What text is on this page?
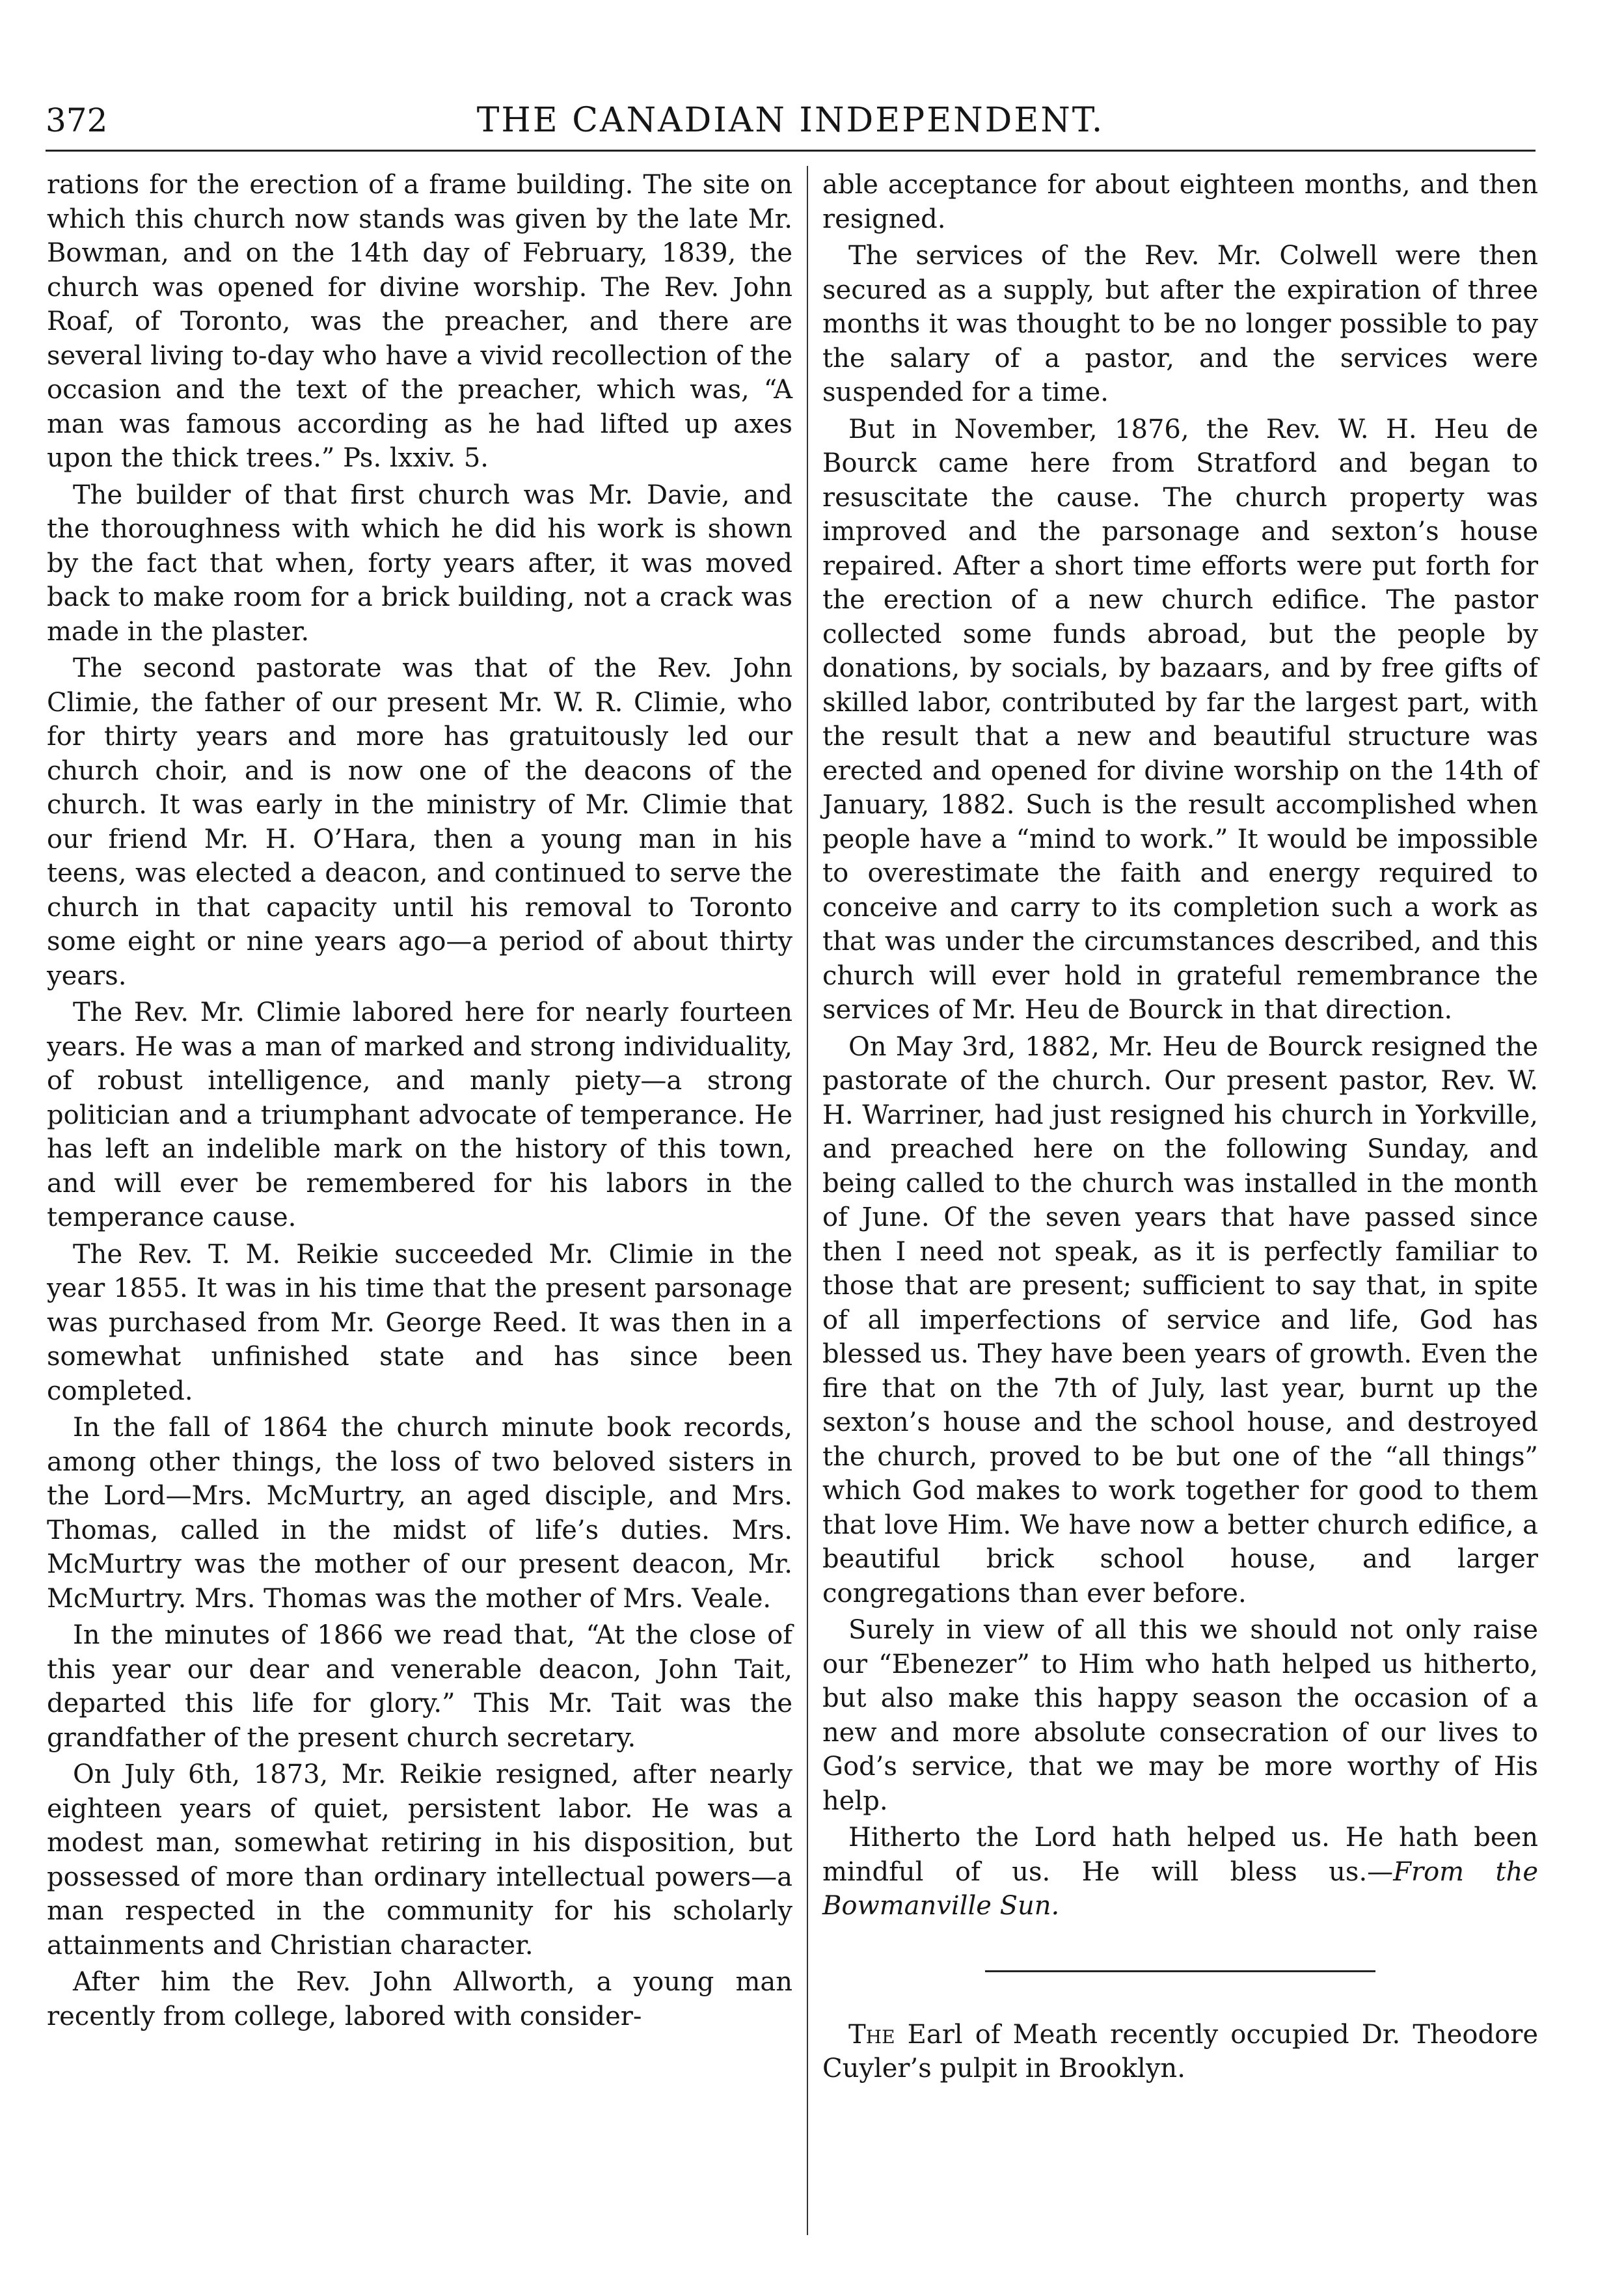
372	THE CANADIAN INDEPENDENT.

rations for the erection of a frame building. The site on which this church now stands was given by the late Mr. Bowman, and on the 14th day of February, 1839, the church was opened for divine worship. The Rev. John Roaf, of Toronto, was the preacher, and there are several living to-day who have a vivid recollection of the occasion and the text of the preacher, which was, “A man was famous according as he had lifted up axes upon the thick trees.” Ps. lxxiv. 5.

The builder of that first church was Mr. Davie, and the thoroughness with which he did his work is shown by the fact that when, forty years after, it was moved back to make room for a brick building, not a crack was made in the plaster.

The second pastorate was that of the Rev. John Climie, the father of our present Mr. W. R. Climie, who for thirty years and more has gratuitously led our church choir, and is now one of the deacons of the church. It was early in the ministry of Mr. Climie that our friend Mr. H. O’Hara, then a young man in his teens, was elected a deacon, and continued to serve the church in that capacity until his removal to Toronto some eight or nine years ago—a period of about thirty years.

The Rev. Mr. Climie labored here for nearly fourteen years. He was a man of marked and strong individuality, of robust intelligence, and manly piety—a strong politician and a triumphant advocate of temperance. He has left an indelible mark on the history of this town, and will ever be remembered for his labors in the temperance cause.

The Rev. T. M. Reikie succeeded Mr. Climie in the year 1855. It was in his time that the present parsonage was purchased from Mr. George Reed. It was then in a somewhat unfinished state and has since been completed.

In the fall of 1864 the church minute book records, among other things, the loss of two beloved sisters in the Lord—Mrs. McMurtry, an aged disciple, and Mrs. Thomas, called in the midst of life’s duties. Mrs. McMurtry was the mother of our present deacon, Mr. McMurtry. Mrs. Thomas was the mother of Mrs. Veale.

In the minutes of 1866 we read that, “At the close of this year our dear and venerable deacon, John Tait, departed this life for glory.” This Mr. Tait was the grandfather of the present church secretary.

On July 6th, 1873, Mr. Reikie resigned, after nearly eighteen years of quiet, persistent labor. He was a modest man, somewhat retiring in his disposition, but possessed of more than ordinary intellectual powers—a man respected in the community for his scholarly attainments and Christian character.

After him the Rev. John Allworth, a young man recently from college, labored with consider-

able acceptance for about eighteen months, and then resigned.

The services of the Rev. Mr. Colwell were then secured as a supply, but after the expiration of three months it was thought to be no longer possible to pay the salary of a pastor, and the services were suspended for a time.

But in November, 1876, the Rev. W. H. Heu de Bourck came here from Stratford and began to resuscitate the cause. The church property was improved and the parsonage and sexton’s house repaired. After a short time efforts were put forth for the erection of a new church edifice. The pastor collected some funds abroad, but the people by donations, by socials, by bazaars, and by free gifts of skilled labor, contributed by far the largest part, with the result that a new and beautiful structure was erected and opened for divine worship on the 14th of January, 1882. Such is the result accomplished when people have a “mind to work.” It would be impossible to overestimate the faith and energy required to conceive and carry to its completion such a work as that was under the circumstances described, and this church will ever hold in grateful remembrance the services of Mr. Heu de Bourck in that direction.

On May 3rd, 1882, Mr. Heu de Bourck resigned the pastorate of the church. Our present pastor, Rev. W. H. Warriner, had just resigned his church in Yorkville, and preached here on the following Sunday, and being called to the church was installed in the month of June. Of the seven years that have passed since then I need not speak, as it is perfectly familiar to those that are present; sufficient to say that, in spite of all imperfections of service and life, God has blessed us. They have been years of growth. Even the fire that on the 7th of July, last year, burnt up the sexton’s house and the school house, and destroyed the church, proved to be but one of the “all things” which God makes to work together for good to them that love Him. We have now a better church edifice, a beautiful brick school house, and larger congregations than ever before.

Surely in view of all this we should not only raise our “Ebenezer” to Him who hath helped us hitherto, but also make this happy season the occasion of a new and more absolute consecration of our lives to God’s service, that we may be more worthy of His help.

Hitherto the Lord hath helped us. He hath been mindful of us. He will bless us.—From the Bowmanville Sun.

The Earl of Meath recently occupied Dr. Theodore Cuyler’s pulpit in Brooklyn.
